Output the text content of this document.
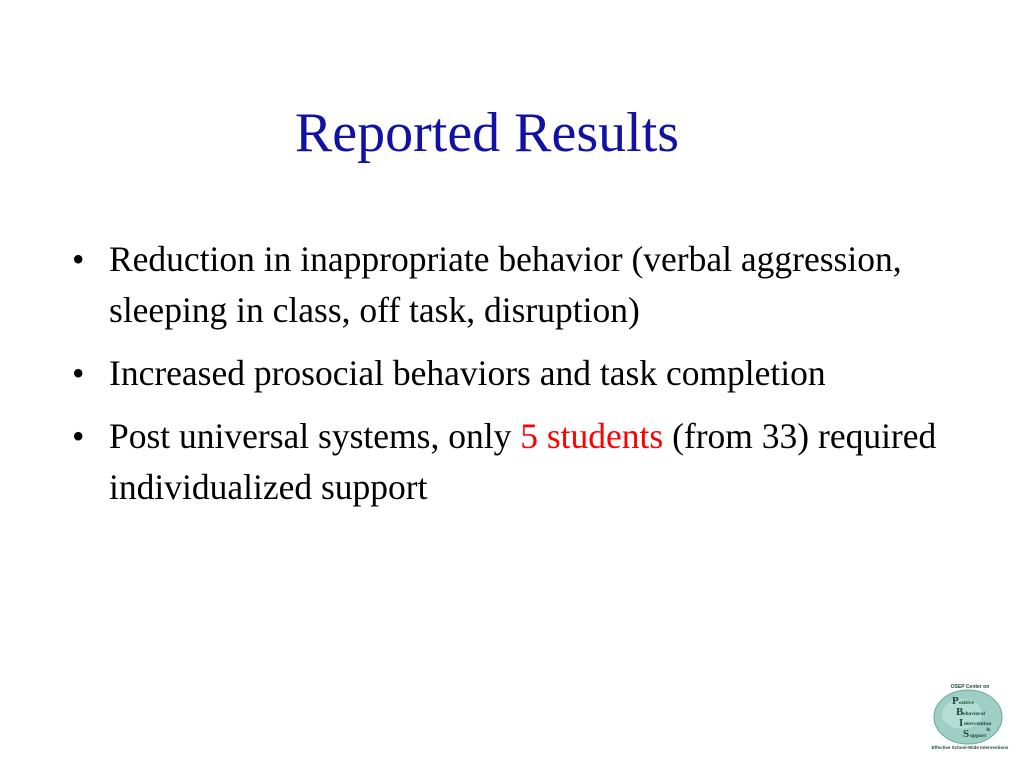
Reported Results
• Reduction in inappropriate behavior (verbal aggression, sleeping in class, off task, disruption)
• Increased prosocial behaviors and task completion
• Post universal systems, only 5 students (from 33) required individualized support
OSEP Center on
P ositive
B ehavioral
I ntervention
&
S upport
Effective School-Wide Interventions
